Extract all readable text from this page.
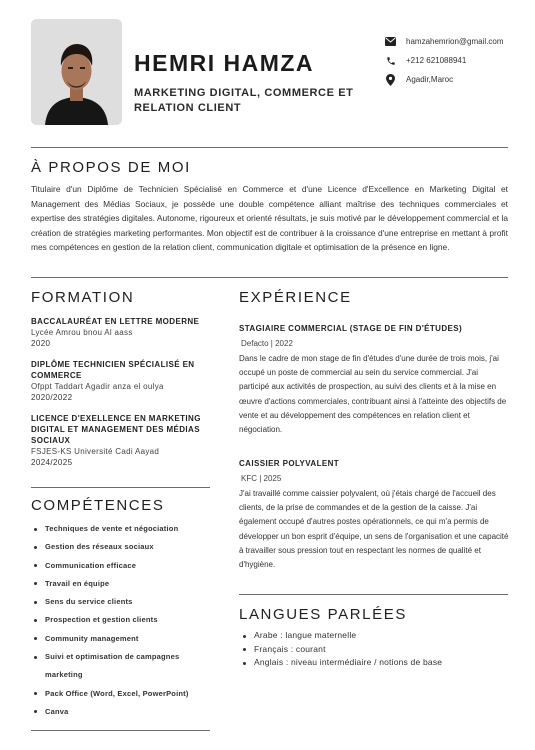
HEMRI HAMZA
MARKETING DIGITAL, COMMERCE ET RELATION CLIENT
hamzahemrion@gmail.com
+212 621088941
Agadir,Maroc
À PROPOS DE MOI
Titulaire d'un Diplôme de Technicien Spécialisé en Commerce et d'une Licence d'Excellence en Marketing Digital et Management des Médias Sociaux, je possède une double compétence alliant maîtrise des techniques commerciales et expertise des stratégies digitales. Autonome, rigoureux et orienté résultats, je suis motivé par le développement commercial et la création de stratégies marketing performantes. Mon objectif est de contribuer à la croissance d'une entreprise en mettant à profit mes compétences en gestion de la relation client, communication digitale et optimisation de la présence en ligne.
FORMATION
BACCALAURÉAT EN LETTRE MODERNE
Lycée Amrou bnou Al aass
2020
DIPLÔME TECHNICIEN SPÉCIALISÉ EN COMMERCE
Ofppt Taddart Agadir anza el oulya
2020/2022
LICENCE D'EXELLENCE EN MARKETING DIGITAL ET MANAGEMENT DES MÉDIAS SOCIAUX
FSJES-KS Université Cadi Aayad
2024/2025
COMPÉTENCES
Techniques de vente et négociation
Gestion des réseaux sociaux
Communication efficace
Travail en équipe
Sens du service clients
Prospection et gestion clients
Community management
Suivi et optimisation de campagnes marketing
Pack Office (Word, Excel, PowerPoint)
Canva
EXPÉRIENCE
STAGIAIRE COMMERCIAL (STAGE DE FIN D'ÉTUDES)
Defacto | 2022
Dans le cadre de mon stage de fin d'études d'une durée de trois mois, j'ai occupé un poste de commercial au sein du service commercial. J'ai participé aux activités de prospection, au suivi des clients et à la mise en œuvre d'actions commerciales, contribuant ainsi à l'atteinte des objectifs de vente et au développement des compétences en relation client et négociation.
CAISSIER POLYVALENT
KFC | 2025
J'ai travaillé comme caissier polyvalent, où j'étais chargé de l'accueil des clients, de la prise de commandes et de la gestion de la caisse. J'ai également occupé d'autres postes opérationnels, ce qui m'a permis de développer un bon esprit d'équipe, un sens de l'organisation et une capacité à travailler sous pression tout en respectant les normes de qualité et d'hygiène.
LANGUES PARLÉES
Arabe : langue maternelle
Français : courant
Anglais : niveau intermédiaire / notions de base
